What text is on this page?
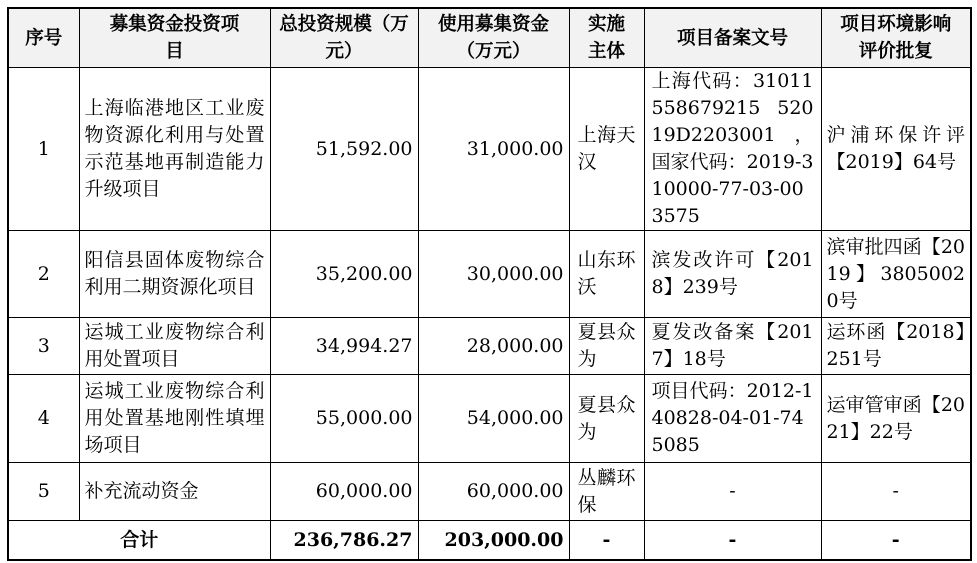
序号	募集资金投资项目	总投资规模（万元）	使用募集资金（万元）	实施主体	项目备案文号	项目环境影响评价批复
1	上海临港地区工业废物资源化利用与处置示范基地再制造能力升级项目	51,592.00	31,000.00	上海天汉	上海代码：31011558679215 52019D2203001，国家代码：2019-310000-77-03-003575	沪浦环保许评【2019】64号
2	阳信县固体废物综合利用二期资源化项目	35,200.00	30,000.00	山东环沃	滨发改许可【2018】239号	滨审批四函【2019】38050020号
3	运城工业废物综合利用处置项目	34,994.27	28,000.00	夏县众为	夏发改备案【2017】18号	运环函【2018】251号
4	运城工业废物综合利用处置基地刚性填埋场项目	55,000.00	54,000.00	夏县众为	项目代码：2012-140828-04-01-745085	运审管审函【2021】22号
5	补充流动资金	60,000.00	60,000.00	丛麟环保	-	-
合计		236,786.27	203,000.00	-	-	-
